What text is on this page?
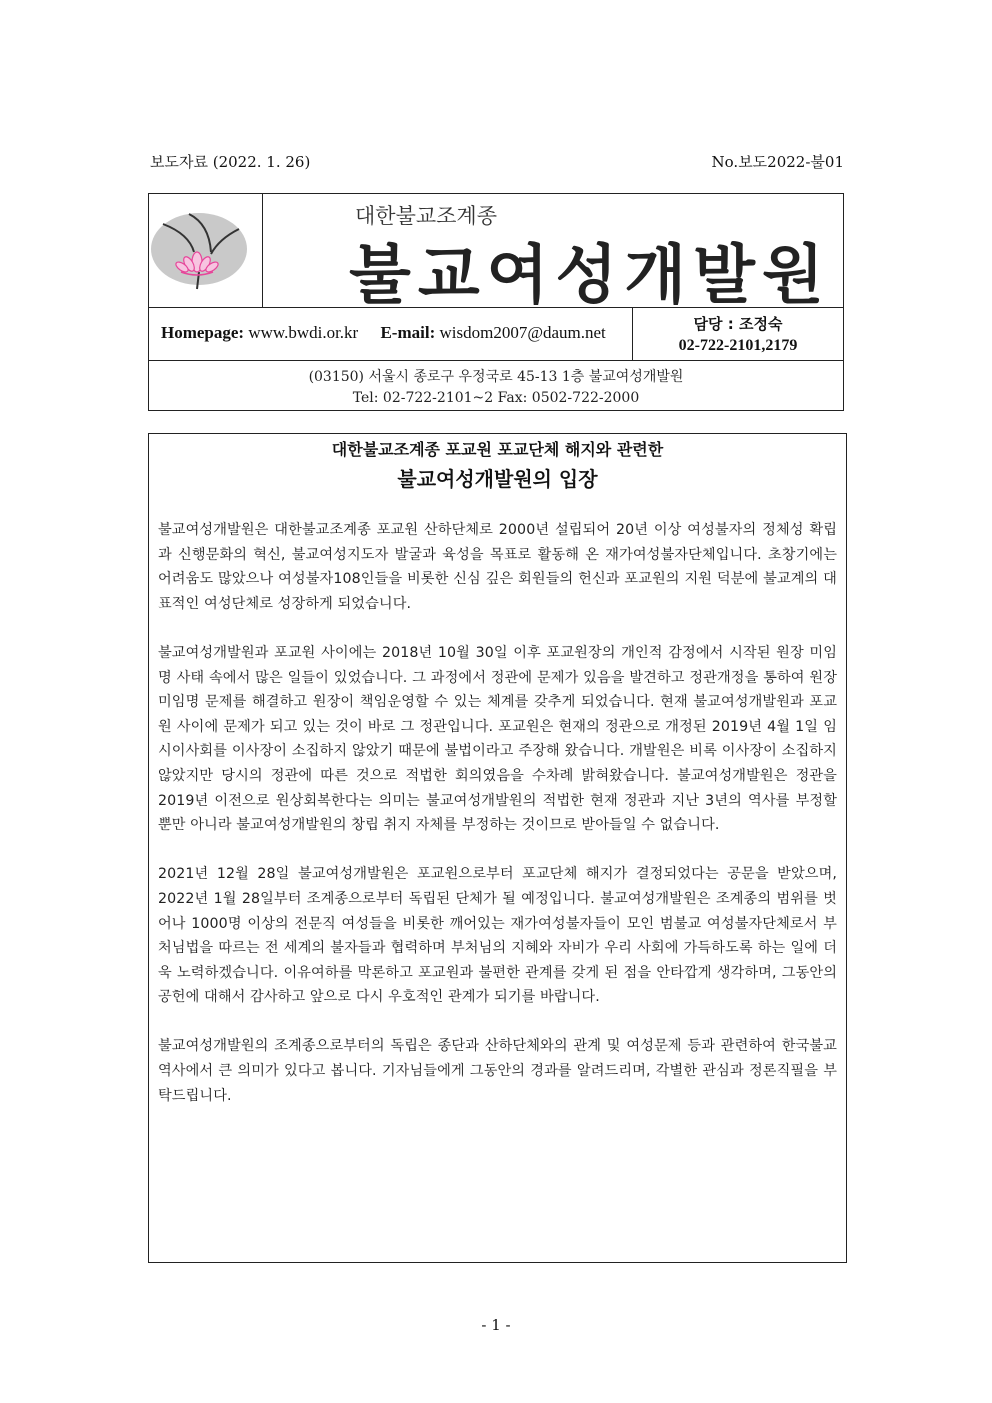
보도자료 (2022. 1. 26)	No.보도2022-불01
대한불교조계종
불교여성개발원
Homepage: www.bwdi.or.kr E-mail: wisdom2007@daum.net	담당 : 조정숙
02-722-2101,2179
(03150) 서울시 종로구 우정국로 45-13 1층 불교여성개발원
Tel: 02-722-2101~2 Fax: 0502-722-2000
대한불교조계종 포교원 포교단체 해지와 관련한
불교여성개발원의 입장

불교여성개발원은 대한불교조계종 포교원 산하단체로 2000년 설립되어 20년 이상 여성불자의 정체성 확립과 신행문화의 혁신, 불교여성지도자 발굴과 육성을 목표로 활동해 온 재가여성불자단체입니다. 초창기에는 어려움도 많았으나 여성불자108인들을 비롯한 신심 깊은 회원들의 헌신과 포교원의 지원 덕분에 불교계의 대표적인 여성단체로 성장하게 되었습니다.

불교여성개발원과 포교원 사이에는 2018년 10월 30일 이후 포교원장의 개인적 감정에서 시작된 원장 미임명 사태 속에서 많은 일들이 있었습니다. 그 과정에서 정관에 문제가 있음을 발견하고 정관개정을 통하여 원장 미임명 문제를 해결하고 원장이 책임운영할 수 있는 체계를 갖추게 되었습니다. 현재 불교여성개발원과 포교원 사이에 문제가 되고 있는 것이 바로 그 정관입니다. 포교원은 현재의 정관으로 개정된 2019년 4월 1일 임시이사회를 이사장이 소집하지 않았기 때문에 불법이라고 주장해 왔습니다. 개발원은 비록 이사장이 소집하지 않았지만 당시의 정관에 따른 것으로 적법한 회의였음을 수차례 밝혀왔습니다. 불교여성개발원은 정관을 2019년 이전으로 원상회복한다는 의미는 불교여성개발원의 적법한 현재 정관과 지난 3년의 역사를 부정할 뿐만 아니라 불교여성개발원의 창립 취지 자체를 부정하는 것이므로 받아들일 수 없습니다.

2021년 12월 28일 불교여성개발원은 포교원으로부터 포교단체 해지가 결정되었다는 공문을 받았으며, 2022년 1월 28일부터 조계종으로부터 독립된 단체가 될 예정입니다. 불교여성개발원은 조계종의 범위를 벗어나 1000명 이상의 전문직 여성들을 비롯한 깨어있는 재가여성불자들이 모인 범불교 여성불자단체로서 부처님법을 따르는 전 세계의 불자들과 협력하며 부처님의 지혜와 자비가 우리 사회에 가득하도록 하는 일에 더욱 노력하겠습니다. 이유여하를 막론하고 포교원과 불편한 관계를 갖게 된 점을 안타깝게 생각하며, 그동안의 공헌에 대해서 감사하고 앞으로 다시 우호적인 관계가 되기를 바랍니다.

불교여성개발원의 조계종으로부터의 독립은 종단과 산하단체와의 관계 및 여성문제 등과 관련하여 한국불교역사에서 큰 의미가 있다고 봅니다. 기자님들에게 그동안의 경과를 알려드리며, 각별한 관심과 정론직필을 부탁드립니다.

- 1 -
